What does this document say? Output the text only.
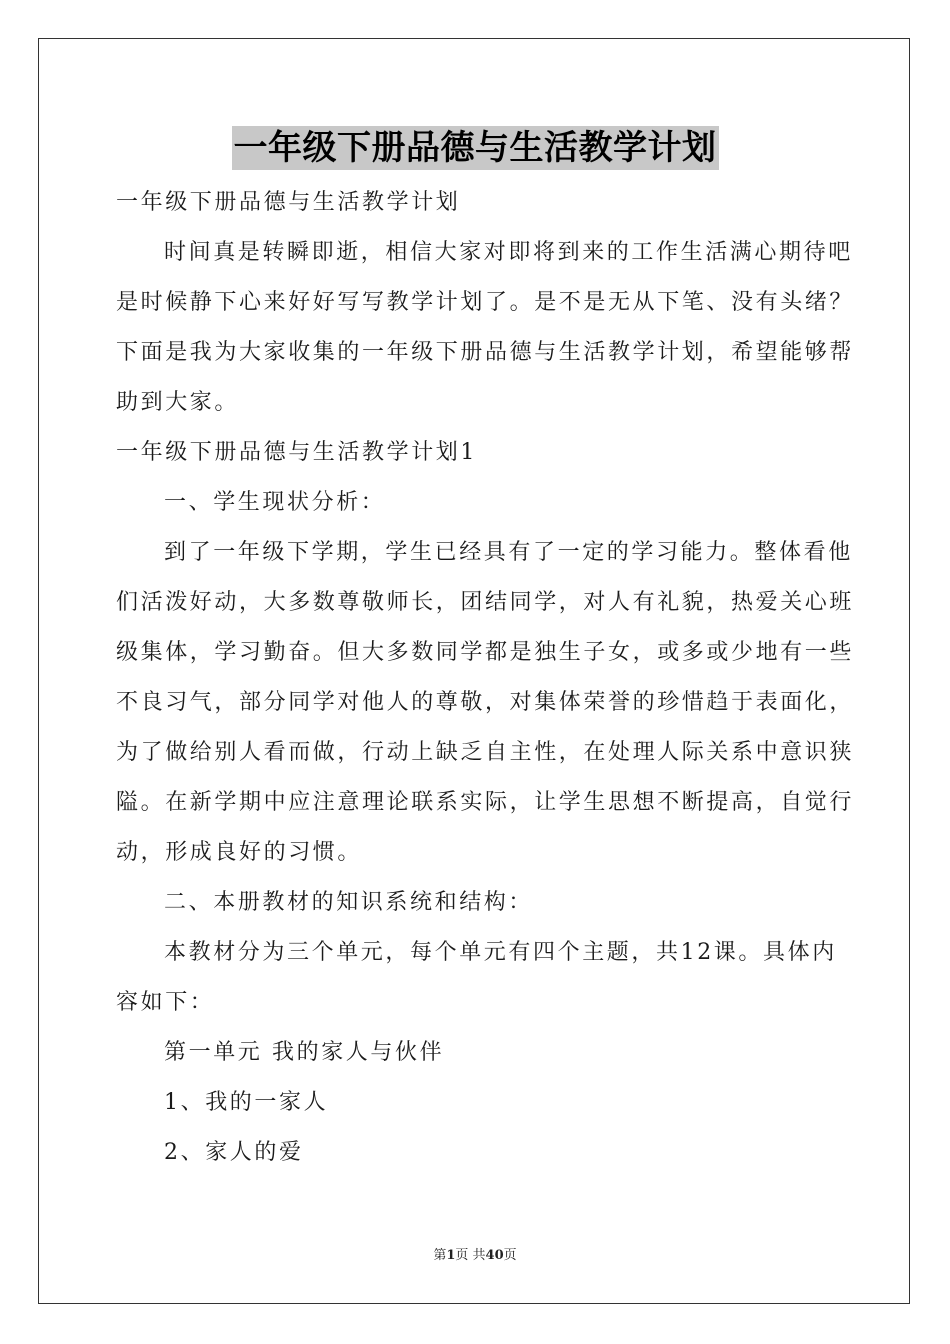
一年级下册品德与生活教学计划
一年级下册品德与生活教学计划
时间真是转瞬即逝，相信大家对即将到来的工作生活满心期待吧
是时候静下心来好好写写教学计划了。是不是无从下笔、没有头绪？
下面是我为大家收集的一年级下册品德与生活教学计划，希望能够帮
助到大家。
一年级下册品德与生活教学计划1
一、学生现状分析：
到了一年级下学期，学生已经具有了一定的学习能力。整体看他
们活泼好动，大多数尊敬师长，团结同学，对人有礼貌，热爱关心班
级集体，学习勤奋。但大多数同学都是独生子女，或多或少地有一些
不良习气，部分同学对他人的尊敬，对集体荣誉的珍惜趋于表面化，
为了做给别人看而做，行动上缺乏自主性，在处理人际关系中意识狭
隘。在新学期中应注意理论联系实际，让学生思想不断提高，自觉行
动，形成良好的习惯。
二、本册教材的知识系统和结构：
本教材分为三个单元，每个单元有四个主题，共12课。具体内
容如下：
第一单元 我的家人与伙伴
1、我的一家人
2、家人的爱
第1页 共40页
